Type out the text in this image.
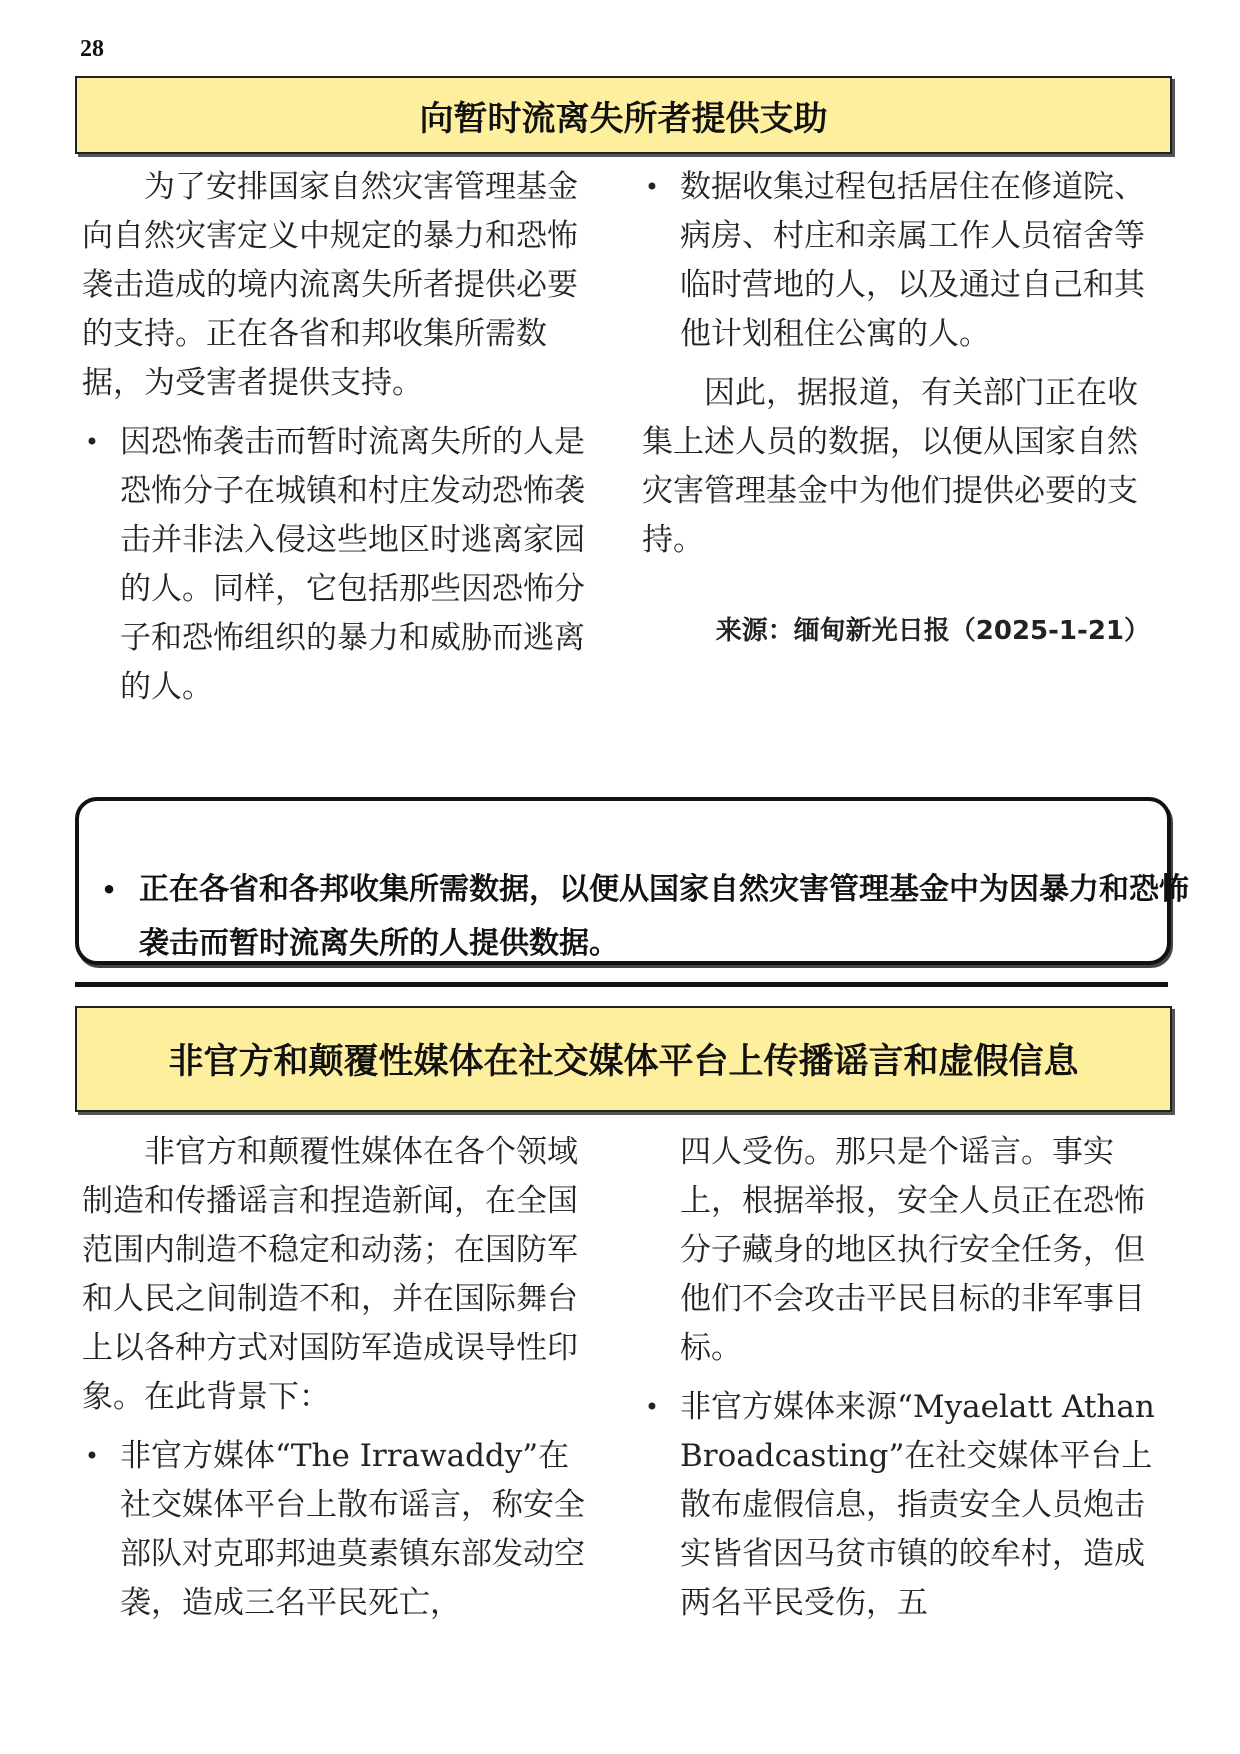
28
向暂时流离失所者提供支助

为了安排国家自然灾害管理基金向自然灾害定义中规定的暴力和恐怖袭击造成的境内流离失所者提供必要的支持。正在各省和邦收集所需数据，为受害者提供支持。

• 因恐怖袭击而暂时流离失所的人是恐怖分子在城镇和村庄发动恐怖袭击并非法入侵这些地区时逃离家园的人。同样，它包括那些因恐怖分子和恐怖组织的暴力和威胁而逃离的人。

• 数据收集过程包括居住在修道院、病房、村庄和亲属工作人员宿舍等临时营地的人，以及通过自己和其他计划租住公寓的人。

因此，据报道，有关部门正在收集上述人员的数据，以便从国家自然灾害管理基金中为他们提供必要的支持。

来源：缅甸新光日报（2025-1-21）

• 正在各省和各邦收集所需数据，以便从国家自然灾害管理基金中为因暴力和恐怖袭击而暂时流离失所的人提供数据。

非官方和颠覆性媒体在社交媒体平台上传播谣言和虚假信息

非官方和颠覆性媒体在各个领域制造和传播谣言和捏造新闻，在全国范围内制造不稳定和动荡；在国防军和人民之间制造不和，并在国际舞台上以各种方式对国防军造成误导性印象。在此背景下：

• 非官方媒体“The Irrawaddy”在社交媒体平台上散布谣言，称安全部队对克耶邦迪莫素镇东部发动空袭，造成三名平民死亡，

四人受伤。那只是个谣言。事实上，根据举报，安全人员正在恐怖分子藏身的地区执行安全任务，但他们不会攻击平民目标的非军事目标。

• 非官方媒体来源“Myaelatt Athan Broadcasting”在社交媒体平台上散布虚假信息，指责安全人员炮击实皆省因马贫市镇的皎牟村，造成两名平民受伤，五
